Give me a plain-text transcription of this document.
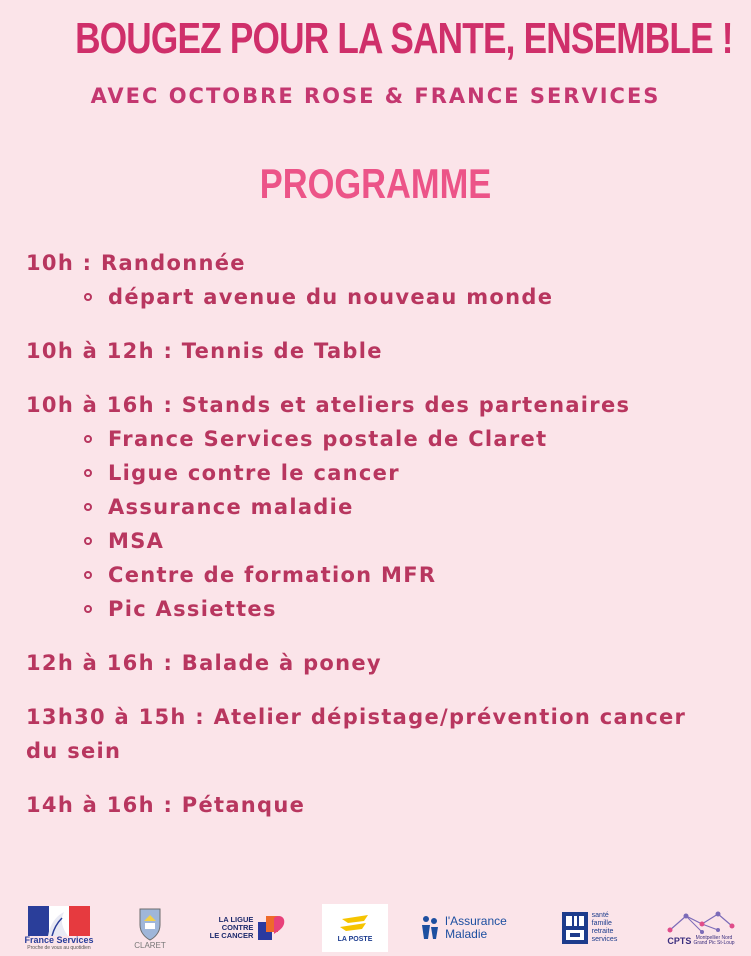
BOUGEZ POUR LA SANTE, ENSEMBLE !
AVEC OCTOBRE ROSE & FRANCE SERVICES
PROGRAMME
10h : Randonnée
départ avenue du nouveau monde
10h à 12h : Tennis de Table
10h à 16h : Stands et ateliers des partenaires
France Services postale de Claret
Ligue contre le cancer
Assurance maladie
MSA
Centre de formation MFR
Pic Assiettes
12h à 16h : Balade à poney
13h30 à 15h : Atelier dépistage/prévention cancer du sein
14h à 16h : Pétanque
France Services
Proche de vous au quotidien	CLARET
LA LIGUE
CONTRE
LE CANCER	LA POSTE
l'Assurance
Maladie
santé
famille
retraite
services	CPTS Montpellier Nord
Grand Pic St-Loup
